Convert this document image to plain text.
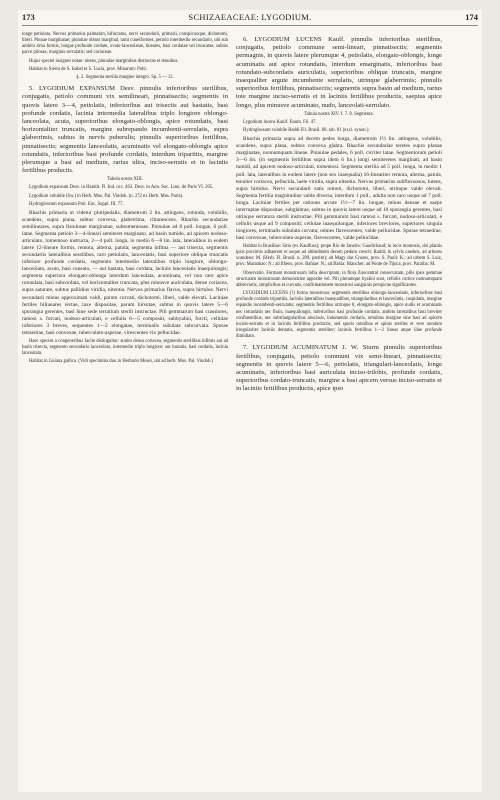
173	SCHIZAEACEAE: LYGODIUM.	174

longe petiolata. Nervus primarius palmatim, bifurcatus, nervi secundarii, primarii, conspicuoque, dichotomi, liberi. Pinnae marginatae; pinnulae obtusi marginal, rami cuneiformes, petiolo intermedio secundario, ubi sub ambitu rima formis, longae profunde cordate, ovato-lanceolatae, lineares, basi cordatae vel truncatae, subtus parce pilosae, marginis serrulatis; sed coriaceae.

Hujus speciei insignes notae: nitens, pinnulae marginibus distinctae et tenuibus.

Habitat in Sierra de S. Isabel et S. Lucia, prov. Minarum: Pohl.

§. 2. Segmenta sterilia margine integro. Sp. 5 — 12.

5. LYGODIUM EXPANSUM Desv. pinnulis inferioribus sterilibus, conjugatis, petiolo communi vix semilineari, pinnatisectis; segmentis in quovis latere 3—4, petiolatis, inferioribus aut trisectis aut hastatis, basi profunde cordatis, lacinia intermedia lateralibus triplo longiore oblongo-lanceolata, acuta, superioribus elongato-oblongis, apice rotundatis, basi horizontaliter truncatis, margine subrepando incumbenti-serrulatis, supra glaberrimis, subtus in nervis puberulis; pinnulis superioribus fertilibus, pinnatisectis; segmentis lanceolatis, acuminatis vel elongato-oblongis apice rotundatis, inferioribus basi profunde cordatis, interdum tripartitis, margine plerumque a basi ad medium, rarius ultra, inciso-serratis et in laciniis fertilibus productis.

Tabula nostra XIII.

Lygodium expansum Desv. in Hamilt. Fl. Ind. occ. 463. Desv. in Ann. Soc. Linn. de Paris VI. 205.

Lygodium volubile (Sw.) in Herb. Mus. Pal. Vindob. (n. 272 ex Herb. Mus. Paris).

Hydroglossum expansum Poir. Enc. Suppl. III. 77.

Rhachis primaria ut videtur pluripedalis, diametrum 2 lin. attingens, rotunda, volubilis, scandens, supra plana, subtus convexa, glaberrima, clitanescens. Rhachis secundariae semilineares, supra fistulosae marginatae, subtomentosae. Pinnulae ad 8 poll. longae, 6 poll. latae. Segmenta petiolo 3—4-lineari semiteret marginato, ad basin tumido, ad apicem nodoso-articulato, tomentoso instructa, 2—4 poll. longa, in medio 6—8 lin. lata, lateralibus in eodem latere 12-lineare formis, remota, alterna, patula; segmenta infima — aut trisecta, segmentis secundariis lateralibus sessilibus, raro petiolatis, lanceolatis, basi superiore oblique truncatis inferiore profunde cordatis, segmento intermedio lateralibus triplo longiore, oblongo-lanceolato, acuto, basi cuneato, — aut hastata, basi cordata, laciniis lanceolatis inaequilongis; segmenta superiora elongato-oblonga interdum lanceolata, acuminata, vel non rare apice rotundata, basi subcordata, vel horizontaliter truncata, plus minusve auriculata, dense coriacea, supra saturate, subtus pallidius viridia, nitentia. Nervus primarius flavus, supra hirtulus. Nervi secundarii minus approximati valdi, parum curvati, dichotomi, liberi, valde elevati. Laciniae fertiles biliueares rectae, laxe dispositae, parum hirsutae, subtus in quovis latere 5—6 sporangia gerentes, basi hine sede terrarium sterili instructae. Pili gemmarum basi crassiores, ramosi s. furcati, nodoso-articulati, e cellulis 6—5 compositi, subhyalini, furcti, cellulae inferiores 3 breves, sequentes 1—2 elongatae, terminalis subulata subcurvata. Sporae tetraedrae, basi convexae, tuberculato-asperae, virescentes vix pellucidae.

Haec species a congeneribus facile distinguitur: statim densa coriacea, segmentis sterilibus infimis aut ad basin trisecta, segmento secundario lanceolato, intermedio triplo longiore; aut hastatis, basi cordatis, lacinia lanceolata.

Habitat in Guiana gallica. (Vidi specimina duo in Herbario Musei, ubi ad herb. Mus. Pal. Vindob.)

6. LYGODIUM LUCENS Kaulf. pinnulis inferioribus sterilibus, conjugatis, petiolo commune semi-lineari, pinnatisectis; segmentis permagnis, in quovis latere plerumque 4, petiolatis, elongato-oblongis, longe acuminatis aut apice rotundatis, interdum emarginatis, inferioribus basi rotundato-subcordatis auriculatis, superioribus oblique truncatis, margine inaequaliter argute incumbente serrulatis, utrinque glaberrimis; pinnulis superioribus fertilibus, pinnatisectis; segmentis supra basin ad medium, rarius tote margine inciso-serratis et in laciniis fertilibus productis, saepius apice longo, plus minusve acuminato, nudo, lanceolati-serrulato.

Tabula nostra XIV. f. 7. 8. Segmenta.

Lygodium lucens Kaulf. Enum. Fil. 47.

Hydroglossum volubile Raddi Fil. Brasil. 68. tab. 81 (excl. synon.).

Rhachis primaria supra ad decem pedes longa, diametrum 1½ lin. attingens, volubilis, scandens, supra plana, subtus convexa glabra. Rhachis secundariae teretes supra planae marginatae, nonnumquam lineae. Pinnulae pedales, 6 poll. circiter latae. Segmentorum petioli 3—6 lin. (in segmentis fertilibus supra idem 6 lin.) longi semiteretes marginati, ad basin tumidi, ad apicem nodoso-articulati, tomentosi. Segmenta sterilia ad 5 poll. longa, in medio 1 poll. lata, lateralibus in eodem latere (non sex inaequalia) 16-lineariter remota, alterna, patula, tenuiter coriacea, pellucida, laete viridia, supra nitentia. Nervus primarius subflexuosus, lutens, supra hirtulus. Nervi secundarii satis remoti, dichotomi, liberi, utrinque valde elevati. Segmenta fertilia magnitudine valde diversa, interdum 1 poll., adulta non raro usque ad 7 poll. longa. Laciniae fertiles per rationes arcute 1½—7 lin. longae, minus densae et saepe interruptae dispositae, subglabrae, subtus in quovis latere usque ad 10 sporangia gerentes, basi utrinque serratura sterili instructae. Pili gemmarum basi ramosi s. furcati, nodoso-articulati, e cellulis usque ad 9 compositi; cellulae inaequilongae, inferiores breviores, superiores singula longiores, terminalis subulata curvata; omnes flavescentes, valde pellucidae. Sporae tetraedrae, basi convexae, tuberculato-asperae, flavescentes, valde pellucidae.

Habitat in Brasiliae: Sitio (ex Kaulfuss); prope Rio de Janeiro: Gaudichaud; in locis montosis, ubi plantis ipsis proximis adhaerent et usque ad altitudinem decem pedum crescit: Raddi; in sylvis caeduis, ad arbores scandens: M. (Herb. Fl. Brasil. n. 289, partim); ad Magy das Cruzes, prov. S. Pauli: K.; ad urbem S. Luiz, prov. Maranhao: N.; ad Ilheos, prov. Bahiae: N.; ad Bahia: Blanchet; ad Ponte de Tijuca, prov. Paraiba: M.

Observatio. Formam monstrosam infra descriptam, in flora Zoocentral conservatam, pilis ipsis gemmae structuram monstrosam demonstrare apposite vel. Pili plerumque hyalini sunt, cellulis cortice nonnumquam abbreviatis, simplicibus et curvatis, confirmationem monstrosi sanguinis perspicue significantes.

LYGODIUM LUCENS (?) forma monstrosa: segmentis sterilibus oblongo-lanceolatis, inferioribus basi profunde cordatis tripartitis, laciniis lateralibus inaequalibus, triangularibus et lanceolatis, cuspidatis, margine repandis incumbenti-serrulatis; segmentis fertilibus utrinque 8, elongato-oblongis, apice nudis et acuminatis nec rotundatis nec fissis, inaequilongis, inferioribus basi profunde cordatis, ambitu lateralibus basi breviter confluentibus, nec subtriangularibus abscissis, indumentis cordatis, omnibus margine sine basi ad apicem incisis-serratis et in laciniis fertilibus productis, sed sporis omnibus et spinis steriles et vere nondum irregulariter laciniis dentatis, segmentis steriliter; laciniis fertilibus 1—2 lineas atque illae profunde dimidiato.

7. LYGODIUM ACUMINATUM J. W. Sturm pinnulis superioribus fertilibus, conjugatis, petiolo communi vix semi-lineari, pinnatisectis; segmentis in quovis latere 5—6, petiolatis, triangulari-lanceolatis, longe acuminatis, inferioribus basi auriculata inciso-trilobis, profunde cordatis, superioribus cordato-truncatis, margine a basi apicem versus inciso-serratis et in laciniis fertilibus productis, apice ipso
